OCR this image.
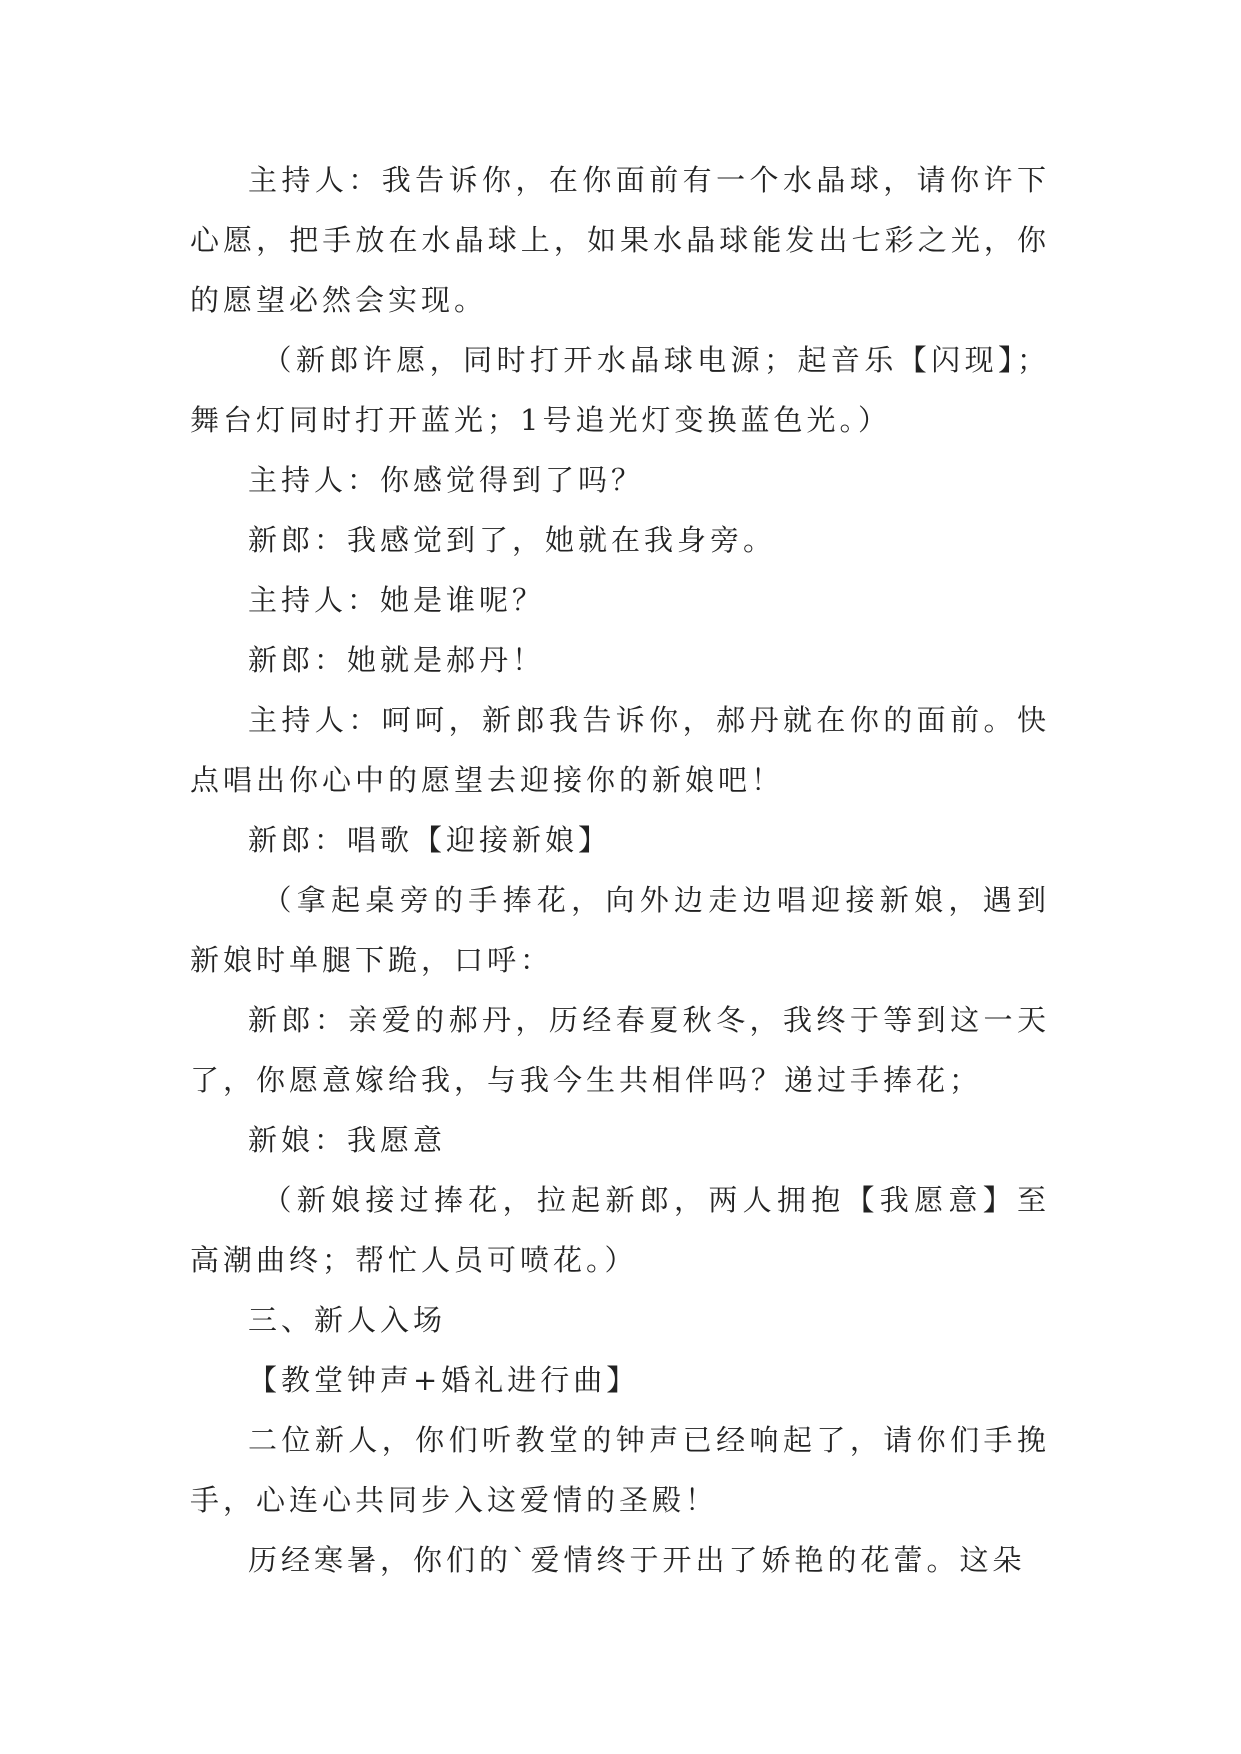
主持人：我告诉你，在你面前有一个水晶球，请你许下心愿，把手放在水晶球上，如果水晶球能发出七彩之光，你的愿望必然会实现。

（新郎许愿，同时打开水晶球电源；起音乐【闪现】；舞台灯同时打开蓝光；1号追光灯变换蓝色光。）

主持人：你感觉得到了吗？

新郎：我感觉到了，她就在我身旁。

主持人：她是谁呢？

新郎：她就是郝丹！

主持人：呵呵，新郎我告诉你，郝丹就在你的面前。快点唱出你心中的愿望去迎接你的新娘吧！

新郎：唱歌【迎接新娘】

（拿起桌旁的手捧花，向外边走边唱迎接新娘，遇到新娘时单腿下跪，口呼：

新郎：亲爱的郝丹，历经春夏秋冬，我终于等到这一天了，你愿意嫁给我，与我今生共相伴吗？递过手捧花；

新娘：我愿意

（新娘接过捧花，拉起新郎，两人拥抱【我愿意】至高潮曲终；帮忙人员可喷花。）

三、新人入场

【教堂钟声+婚礼进行曲】

二位新人，你们听教堂的钟声已经响起了，请你们手挽手，心连心共同步入这爱情的圣殿！

历经寒暑，你们的`爱情终于开出了娇艳的花蕾。这朵
